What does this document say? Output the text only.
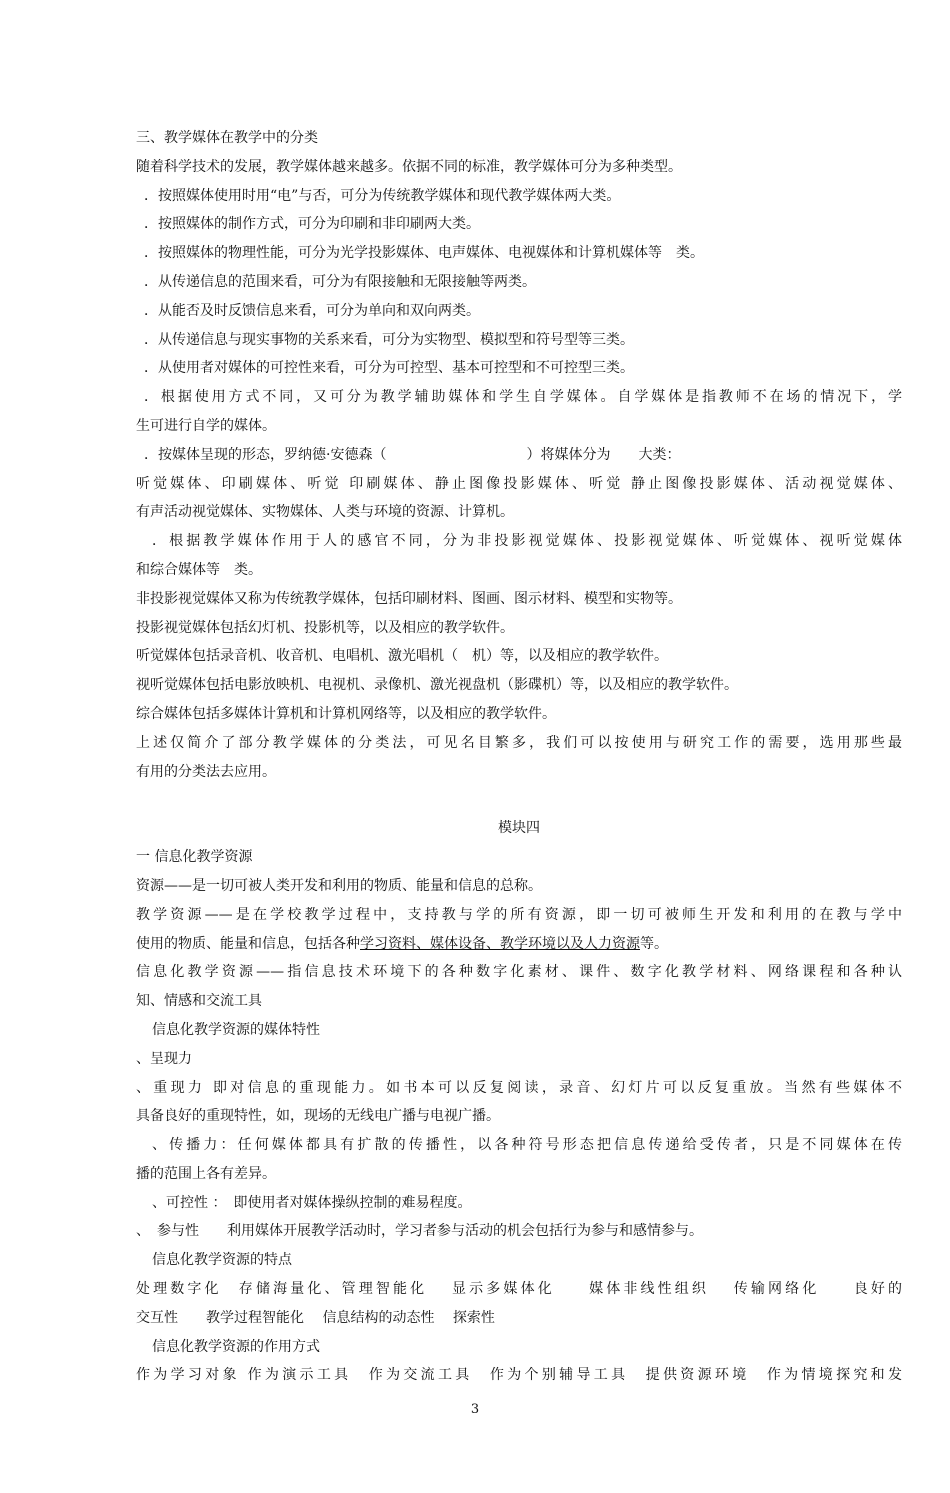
三、教学媒体在教学中的分类
随着科学技术的发展，教学媒体越来越多。依据不同的标准，教学媒体可分为多种类型。
．按照媒体使用时用“电”与否，可分为传统教学媒体和现代教学媒体两大类。
．按照媒体的制作方式，可分为印刷和非印刷两大类。
．按照媒体的物理性能，可分为光学投影媒体、电声媒体、电视媒体和计算机媒体等　类。
．从传递信息的范围来看，可分为有限接触和无限接触等两类。
．从能否及时反馈信息来看，可分为单向和双向两类。
．从传递信息与现实事物的关系来看，可分为实物型、模拟型和符号型等三类。
．从使用者对媒体的可控性来看，可分为可控型、基本可控型和不可控型三类。
．根据使用方式不同，又可分为教学辅助媒体和学生自学媒体。自学媒体是指教师不在场的情况下，学
生可进行自学的媒体。
．按媒体呈现的形态，罗纳德·安德森（　　　　　　　　　　）将媒体分为　　大类：
听觉媒体、印刷媒体、听觉 印刷媒体、静止图像投影媒体、听觉 静止图像投影媒体、活动视觉媒体、
有声活动视觉媒体、实物媒体、人类与环境的资源、计算机。
．根据教学媒体作用于人的感官不同，分为非投影视觉媒体、投影视觉媒体、听觉媒体、视听觉媒体
和综合媒体等　类。
非投影视觉媒体又称为传统教学媒体，包括印刷材料、图画、图示材料、模型和实物等。
投影视觉媒体包括幻灯机、投影机等，以及相应的教学软件。
听觉媒体包括录音机、收音机、电唱机、激光唱机（　机）等，以及相应的教学软件。
视听觉媒体包括电影放映机、电视机、录像机、激光视盘机（影碟机）等，以及相应的教学软件。
综合媒体包括多媒体计算机和计算机网络等，以及相应的教学软件。
上述仅简介了部分教学媒体的分类法，可见名目繁多，我们可以按使用与研究工作的需要，选用那些最
有用的分类法去应用。
模块四
一 信息化教学资源
资源——是一切可被人类开发和利用的物质、能量和信息的总称。
教学资源——是在学校教学过程中，支持教与学的所有资源，即一切可被师生开发和利用的在教与学中
使用的物质、能量和信息，包括各种学习资料、媒体设备、教学环境以及人力资源等。
信息化教学资源——指信息技术环境下的各种数字化素材、课件、数字化教学材料、网络课程和各种认
知、情感和交流工具
信息化教学资源的媒体特性
、呈现力
、重现力 即对信息的重现能力。如书本可以反复阅读，录音、幻灯片可以反复重放。当然有些媒体不
具备良好的重现特性，如，现场的无线电广播与电视广播。
、传播力：任何媒体都具有扩散的传播性，以各种符号形态把信息传递给受传者，只是不同媒体在传
播的范围上各有差异。
、可控性 ：　即使用者对媒体操纵控制的难易程度。
、　参与性　　利用媒体开展教学活动时，学习者参与活动的机会包括行为参与和感情参与。
信息化教学资源的特点
处理数字化　存储海量化、管理智能化　 显示多媒体化　　媒体非线性组织　 传输网络化　　良好的
交互性　　教学过程智能化　 信息结构的动态性　 探索性
信息化教学资源的作用方式
作为学习对象 作为演示工具　作为交流工具　作为个别辅导工具　提供资源环境　作为情境探究和发
3
